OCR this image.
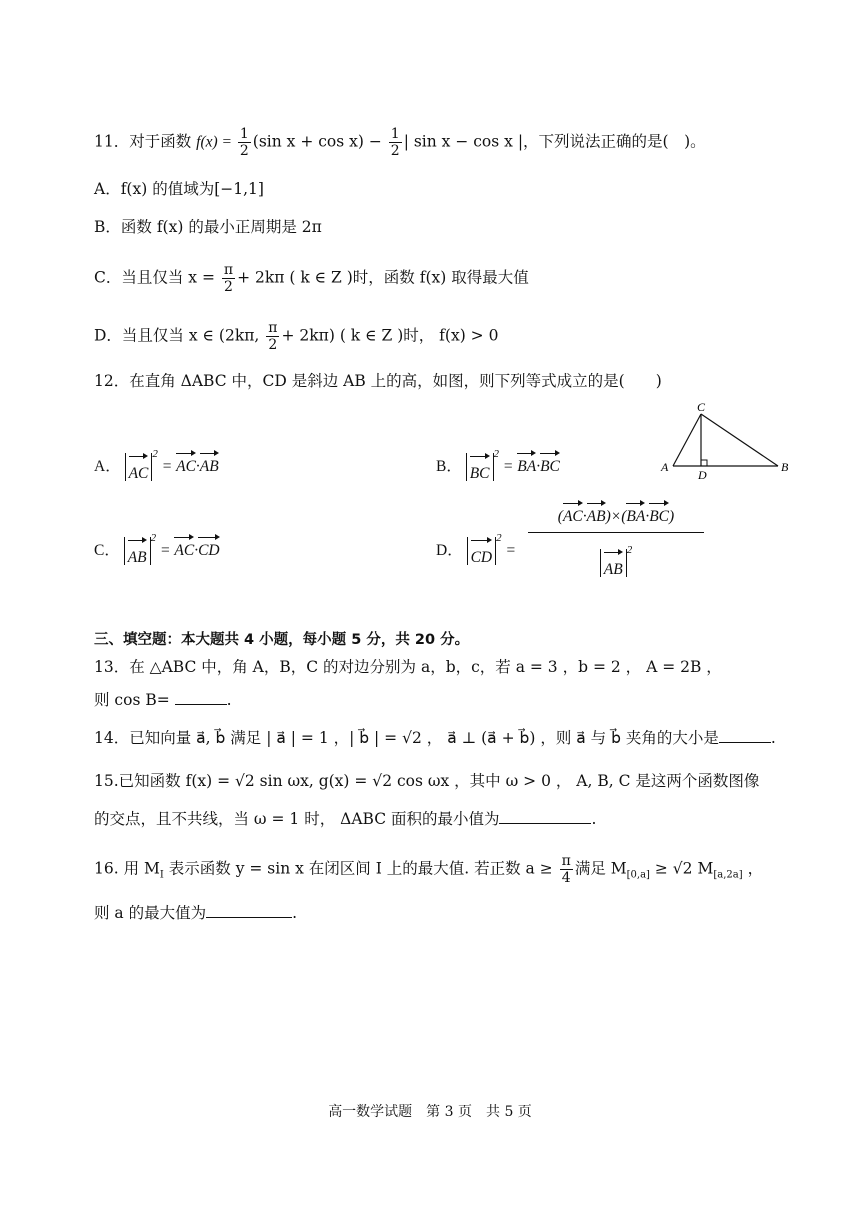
11．对于函数 $f(x) = \frac{1}{2} (\sin$ $x + \cos x) - \frac{1}{2}$ | sin x − cos x |，下列说法正确的是(　)。
A．f(x) 的值域为[−1,1]
B．函数 f(x) 的最小正周期是 2π
C．当且仅当 $x = \frac{\pi}{2} + 2k\pi$ ( k ∈ Z )时，函数 f(x) 取得最大值
D．当且仅当 x ∈ (2kπ, $\frac{\pi}{2} + 2k\pi$) ( k ∈ Z )时， f(x) > 0
12．在直角 ΔABC 中，CD 是斜边 AB 上的高，如图，则下列等式成立的是(　　)
C
A	B
D
A． $AC^2 = AC\cdot AB$	B． $BC^2 = BA\cdot BC$
C． $AB^2 = AC\cdot CD$	D． $CD^2 = \frac{(AC\cdot AB)\times(BA\cdot BC)}{AB^2}$
三、填空题：本大题共 4 小题，每小题 5 分，共 20 分。
13．在 △ABC 中，角 A，B，C 的对边分别为 a，b，c，若 a = 3 ，b = 2 ， A = 2B ，
则 cos B=	.
14．已知向量 a⃗, b⃗ 满足 | a⃗ | = 1 ，| b⃗ | = √2 ， a⃗ ⊥ (a⃗ + b⃗) ，则 a⃗ 与 b⃗ 夹角的大小是	.
15.已知函数 f(x) = √2 sin ωx, g(x) = √2 cos ωx ，其中 ω > 0 ， A, B, C 是这两个函数图像
的交点，且不共线，当 ω = 1 时， ΔABC 面积的最小值为	.
16. 用 $M_I$ 表示函数 y = sin x 在闭区间 I 上的最大值. 若正数 $a \ge \frac{\pi}{4}$ 满足 $M_{[0,a]} \ge √2$ $M_{[a,2a]}$ ，
则 a 的最大值为	.
高一数学试题　第 3 页　共 5 页
